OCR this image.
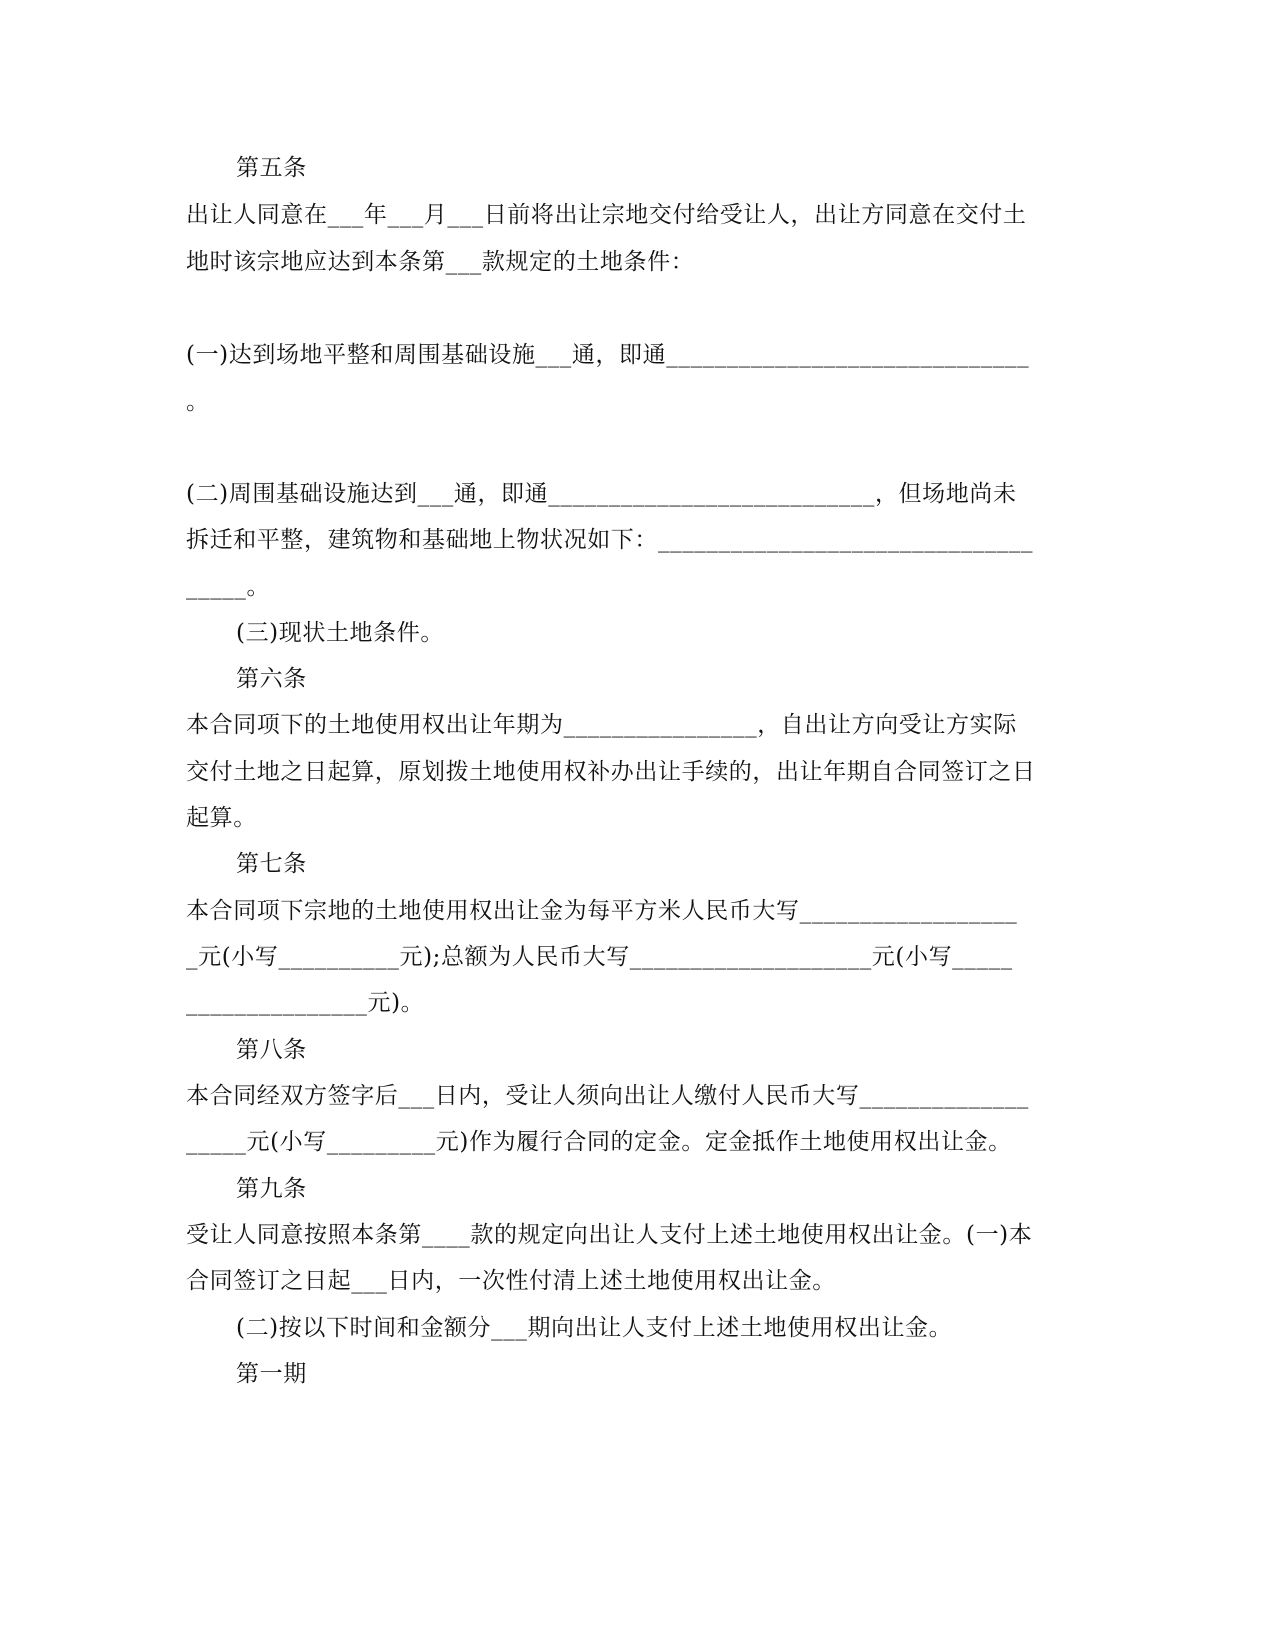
第五条
出让人同意在___年___月___日前将出让宗地交付给受让人，出让方同意在交付土
地时该宗地应达到本条第___款规定的土地条件：
(一)达到场地平整和周围基础设施___通，即通______________________________
。
(二)周围基础设施达到___通，即通___________________________，但场地尚未
拆迁和平整，建筑物和基础地上物状况如下：_______________________________
_____。
(三)现状土地条件。
第六条
本合同项下的土地使用权出让年期为________________，自出让方向受让方实际
交付土地之日起算，原划拨土地使用权补办出让手续的，出让年期自合同签订之日
起算。
第七条
本合同项下宗地的土地使用权出让金为每平方米人民币大写__________________
_元(小写__________元);总额为人民币大写____________________元(小写_____
_______________元)。
第八条
本合同经双方签字后___日内，受让人须向出让人缴付人民币大写______________
_____元(小写_________元)作为履行合同的定金。定金抵作土地使用权出让金。
第九条
受让人同意按照本条第____款的规定向出让人支付上述土地使用权出让金。(一)本
合同签订之日起___日内，一次性付清上述土地使用权出让金。
(二)按以下时间和金额分___期向出让人支付上述土地使用权出让金。
第一期
